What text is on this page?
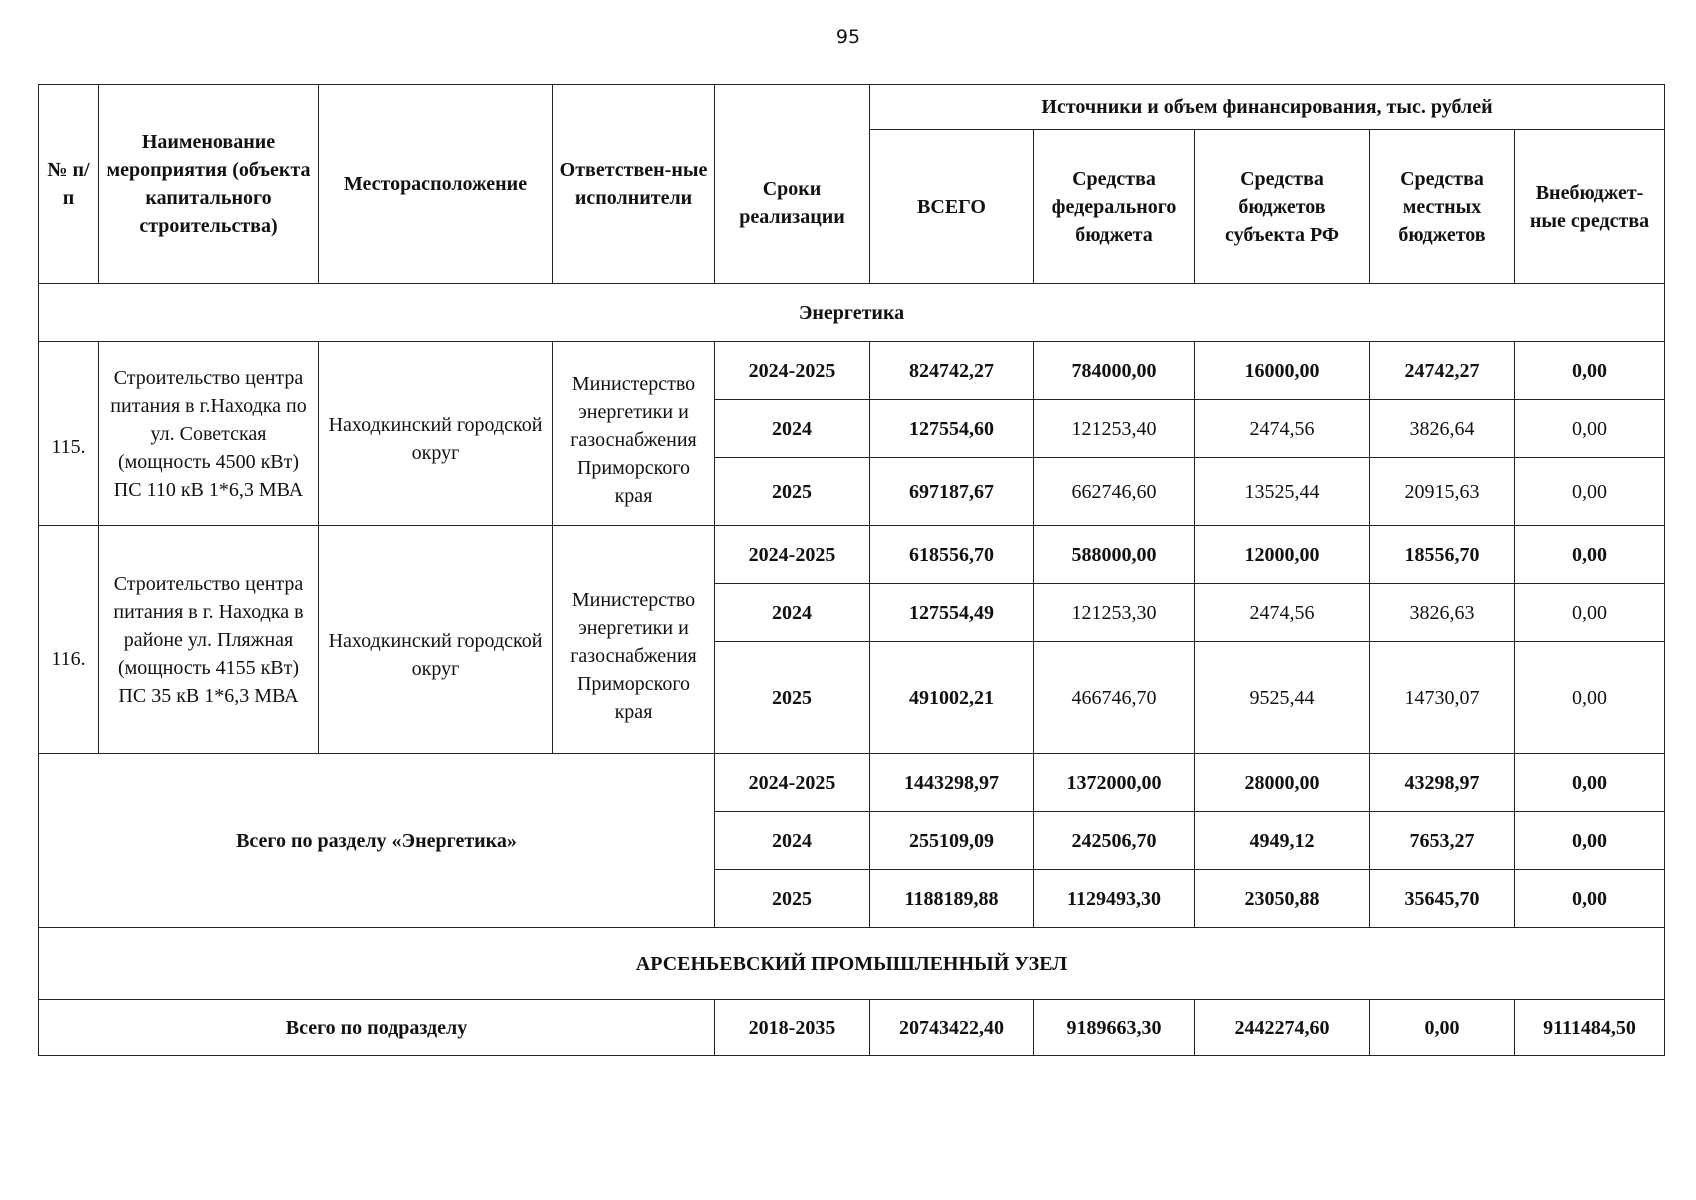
95
№ п/п	Наименование мероприятия (объекта капитального строительства)	Месторасположение	Ответствен-ные исполнители	Сроки реализации	Источники и объем финансирования, тыс. рублей				
					ВСЕГО	Средства федерального бюджета	Средства бюджетов субъекта РФ	Средства местных бюджетов	Внебюджет-ные средства
Энергетика									
115.	Строительство центра питания в г.Находка по ул. Советская (мощность 4500 кВт) ПС 110 кВ 1*6,3 МВА	Находкинский городской округ	Министерство энергетики и газоснабжения Приморского края	2024-2025	824742,27	784000,00	16000,00	24742,27	0,00
				2024	127554,60	121253,40	2474,56	3826,64	0,00
				2025	697187,67	662746,60	13525,44	20915,63	0,00
116.	Строительство центра питания в г. Находка в районе ул. Пляжная (мощность 4155 кВт) ПС 35 кВ 1*6,3 МВА	Находкинский городской округ	Министерство энергетики и газоснабжения Приморского края	2024-2025	618556,70	588000,00	12000,00	18556,70	0,00
				2024	127554,49	121253,30	2474,56	3826,63	0,00
				2025	491002,21	466746,70	9525,44	14730,07	0,00
Всего по разделу «Энергетика»				2024-2025	1443298,97	1372000,00	28000,00	43298,97	0,00
				2024	255109,09	242506,70	4949,12	7653,27	0,00
				2025	1188189,88	1129493,30	23050,88	35645,70	0,00
АРСЕНЬЕВСКИЙ ПРОМЫШЛЕННЫЙ УЗЕЛ									
Всего по подразделу				2018-2035	20743422,40	9189663,30	2442274,60	0,00	9111484,50
